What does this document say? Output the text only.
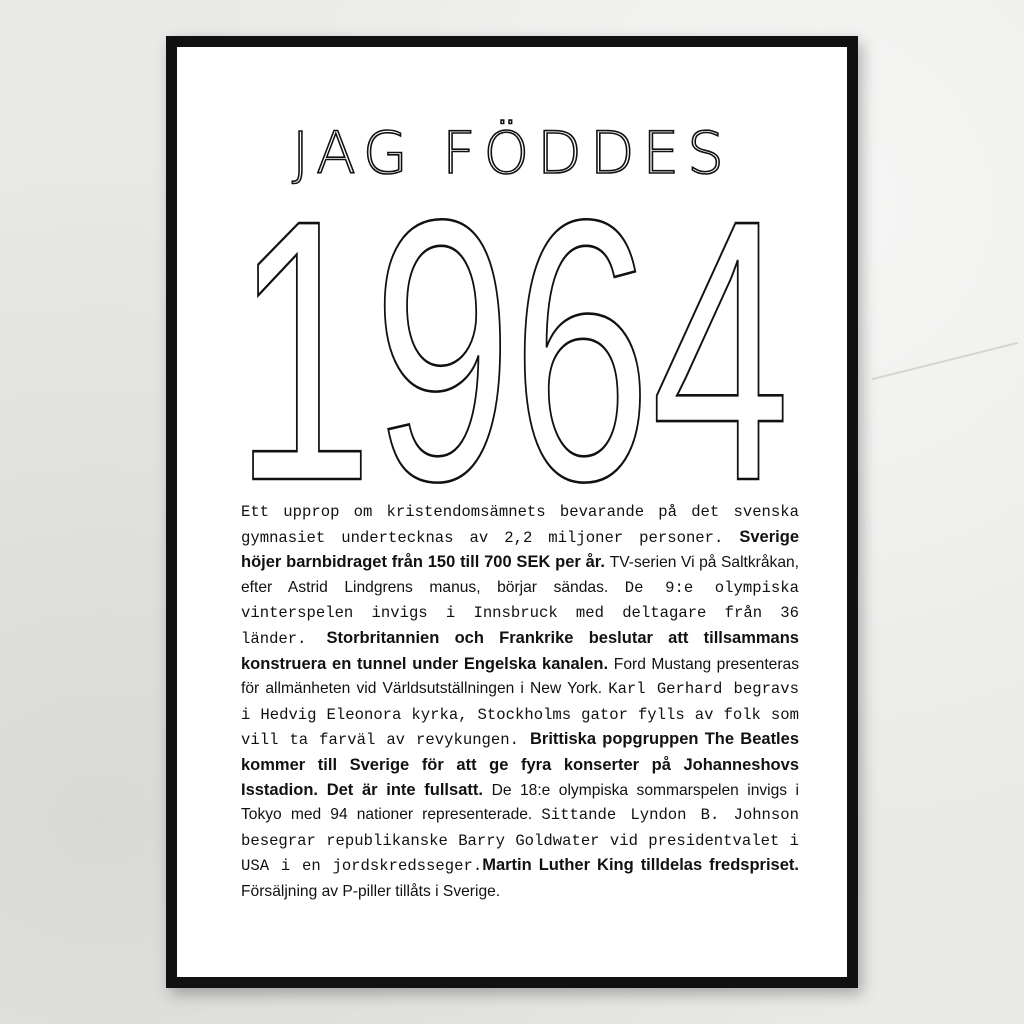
JAG FÖDDES
1964
Ett upprop om kristendomsämnets bevarande på det svenska gymnasiet undertecknas av 2,2 miljoner personer. Sverige höjer barnbidraget från 150 till 700 SEK per år. TV-serien Vi på Saltkråkan, efter Astrid Lindgrens manus, börjar sändas. De 9:e olympiska vinterspelen invigs i Innsbruck med deltagare från 36 länder. Storbritannien och Frankrike beslutar att tillsammans konstruera en tunnel under Engelska kanalen. Ford Mustang presenteras för allmänheten vid Världsutställningen i New York. Karl Gerhard begravs i Hedvig Eleonora kyrka, Stockholms gator fylls av folk som vill ta farväl av revykungen. Brittiska popgruppen The Beatles kommer till Sverige för att ge fyra konserter på Johanneshovs Isstadion. Det är inte fullsatt. De 18:e olympiska sommarspelen invigs i Tokyo med 94 nationer representerade. Sittande Lyndon B. Johnson besegrar republikanske Barry Goldwater vid presidentvalet i USA i en jordskredsseger.Martin Luther King tilldelas fredspriset. Försäljning av P-piller tillåts i Sverige.
